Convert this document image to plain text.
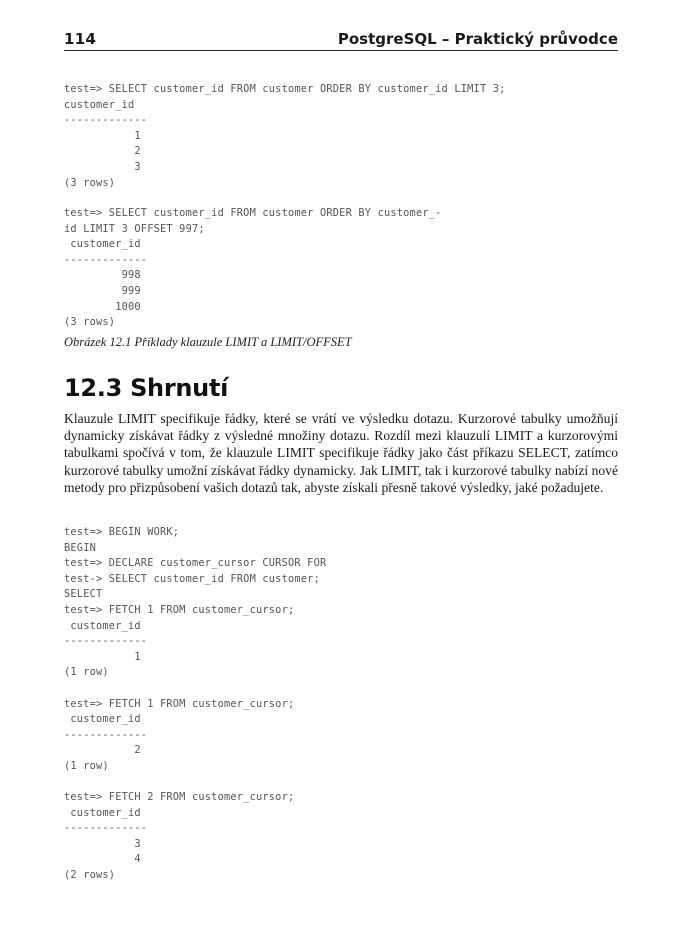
114	PostgreSQL – Praktický průvodce
test=> SELECT customer_id FROM customer ORDER BY customer_id LIMIT 3;
customer_id
-------------
1
2
3
(3 rows)
test=> SELECT customer_id FROM customer ORDER BY customer_-
id LIMIT 3 OFFSET 997;
customer_id
-------------
998
999
1000
(3 rows)
Obrázek 12.1 Příklady klauzule LIMIT a LIMIT/OFFSET
12.3 Shrnutí

Klauzule LIMIT specifikuje řádky, které se vrátí ve výsledku dotazu. Kurzorové tabulky umožňují dynamicky získávat řádky z výsledné množiny dotazu. Rozdíl mezi klauzulí LIMIT a kurzorovými tabulkami spočívá v tom, že klauzule LIMIT specifikuje řádky jako část příkazu SELECT, zatímco kurzorové tabulky umožní získávat řádky dynamicky. Jak LIMIT, tak i kurzorové tabulky nabízí nové metody pro přizpůsobení vašich dotazů tak, abyste získali přesně takové výsledky, jaké požadujete.

test=> BEGIN WORK;
BEGIN
test=> DECLARE customer_cursor CURSOR FOR
test-> SELECT customer_id FROM customer;
SELECT
test=> FETCH 1 FROM customer_cursor;
customer_id
-------------
1
(1 row)

test=> FETCH 1 FROM customer_cursor;
customer_id
-------------
2
(1 row)

test=> FETCH 2 FROM customer_cursor;
customer_id
-------------
3
4
(2 rows)
